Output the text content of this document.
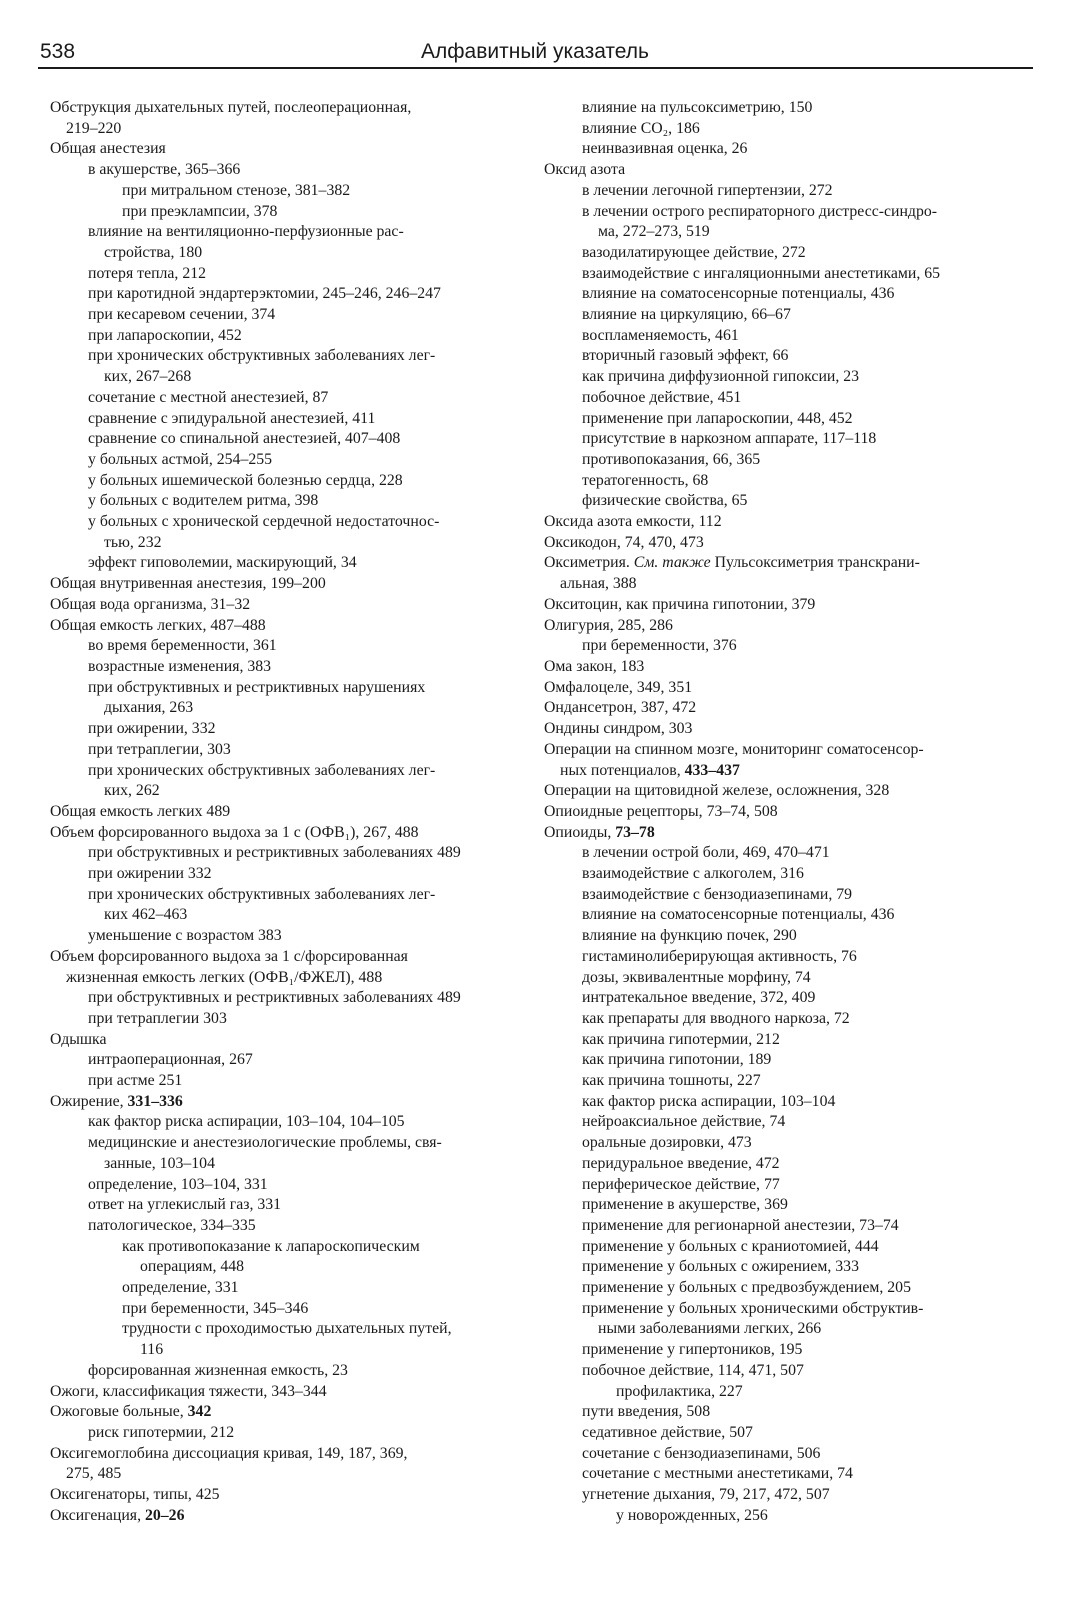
538	Алфавитный указатель
Обструкция дыхательных путей, послеоперационная,
219–220
Общая анестезия
в акушерстве, 365–366
при митральном стенозе, 381–382
при преэклампсии, 378
влияние на вентиляционно-перфузионные рас-
стройства, 180
потеря тепла, 212
при каротидной эндартерэктомии, 245–246, 246–247
при кесаревом сечении, 374
при лапароскопии, 452
при хронических обструктивных заболеваниях лег-
ких, 267–268
сочетание с местной анестезией, 87
сравнение с эпидуральной анестезией, 411
сравнение со спинальной анестезией, 407–408
у больных астмой, 254–255
у больных ишемической болезнью сердца, 228
у больных с водителем ритма, 398
у больных с хронической сердечной недостаточнос-
тью, 232
эффект гиповолемии, маскирующий, 34
Общая внутривенная анестезия, 199–200
Общая вода организма, 31–32
Общая емкость легких, 487–488
во время беременности, 361
возрастные изменения, 383
при обструктивных и рестриктивных нарушениях
дыхания, 263
при ожирении, 332
при тетраплегии, 303
при хронических обструктивных заболеваниях лег-
ких, 262
Общая емкость легких 489
Объем форсированного выдоха за 1 с (ОФВ₁), 267, 488
при обструктивных и рестриктивных заболеваниях 489
при ожирении 332
при хронических обструктивных заболеваниях лег-
ких 462–463
уменьшение с возрастом 383
Объем форсированного выдоха за 1 с/форсированная
жизненная емкость легких (ОФВ₁/ФЖЕЛ), 488
при обструктивных и рестриктивных заболеваниях 489
при тетраплегии 303
Одышка
интраоперационная, 267
при астме 251
Ожирение, 331–336
как фактор риска аспирации, 103–104, 104–105
медицинские и анестезиологические проблемы, свя-
занные, 103–104
определение, 103–104, 331
ответ на углекислый газ, 331
патологическое, 334–335
как противопоказание к лапароскопическим
операциям, 448
определение, 331
при беременности, 345–346
трудности с проходимостью дыхательных путей,
116
форсированная жизненная емкость, 23
Ожоги, классификация тяжести, 343–344
Ожоговые больные, 342
риск гипотермии, 212
Оксигемоглобина диссоциация кривая, 149, 187, 369,
275, 485
Оксигенаторы, типы, 425
Оксигенация, 20–26
влияние на пульсоксиметрию, 150
влияние CO₂, 186
неинвазивная оценка, 26
Оксид азота
в лечении легочной гипертензии, 272
в лечении острого респираторного дистресс-синдро-
ма, 272–273, 519
вазодилатирующее действие, 272
взаимодействие с ингаляционными анестетиками, 65
влияние на соматосенсорные потенциалы, 436
влияние на циркуляцию, 66–67
воспламеняемость, 461
вторичный газовый эффект, 66
как причина диффузионной гипоксии, 23
побочное действие, 451
применение при лапароскопии, 448, 452
присутствие в наркозном аппарате, 117–118
противопоказания, 66, 365
тератогенность, 68
физические свойства, 65
Оксида азота емкости, 112
Оксикодон, 74, 470, 473
Оксиметрия. См. также Пульсоксиметрия транскрани-
альная, 388
Окситоцин, как причина гипотонии, 379
Олигурия, 285, 286
при беременности, 376
Ома закон, 183
Омфалоцеле, 349, 351
Ондансетрон, 387, 472
Ондины синдром, 303
Операции на спинном мозге, мониторинг соматосенсор-
ных потенциалов, 433–437
Операции на щитовидной железе, осложнения, 328
Опиоидные рецепторы, 73–74, 508
Опиоиды, 73–78
в лечении острой боли, 469, 470–471
взаимодействие с алкоголем, 316
взаимодействие с бензодиазепинами, 79
влияние на соматосенсорные потенциалы, 436
влияние на функцию почек, 290
гистаминолиберирующая активность, 76
дозы, эквивалентные морфину, 74
интратекальное введение, 372, 409
как препараты для вводного наркоза, 72
как причина гипотермии, 212
как причина гипотонии, 189
как причина тошноты, 227
как фактор риска аспирации, 103–104
нейроаксиальное действие, 74
оральные дозировки, 473
перидуральное введение, 472
периферическое действие, 77
применение в акушерстве, 369
применение для регионарной анестезии, 73–74
применение у больных с краниотомией, 444
применение у больных с ожирением, 333
применение у больных с предвозбуждением, 205
применение у больных хроническими обструктив-
ными заболеваниями легких, 266
применение у гипертоников, 195
побочное действие, 114, 471, 507
профилактика, 227
пути введения, 508
седативное действие, 507
сочетание с бензодиазепинами, 506
сочетание с местными анестетиками, 74
угнетение дыхания, 79, 217, 472, 507
у новорожденных, 256
